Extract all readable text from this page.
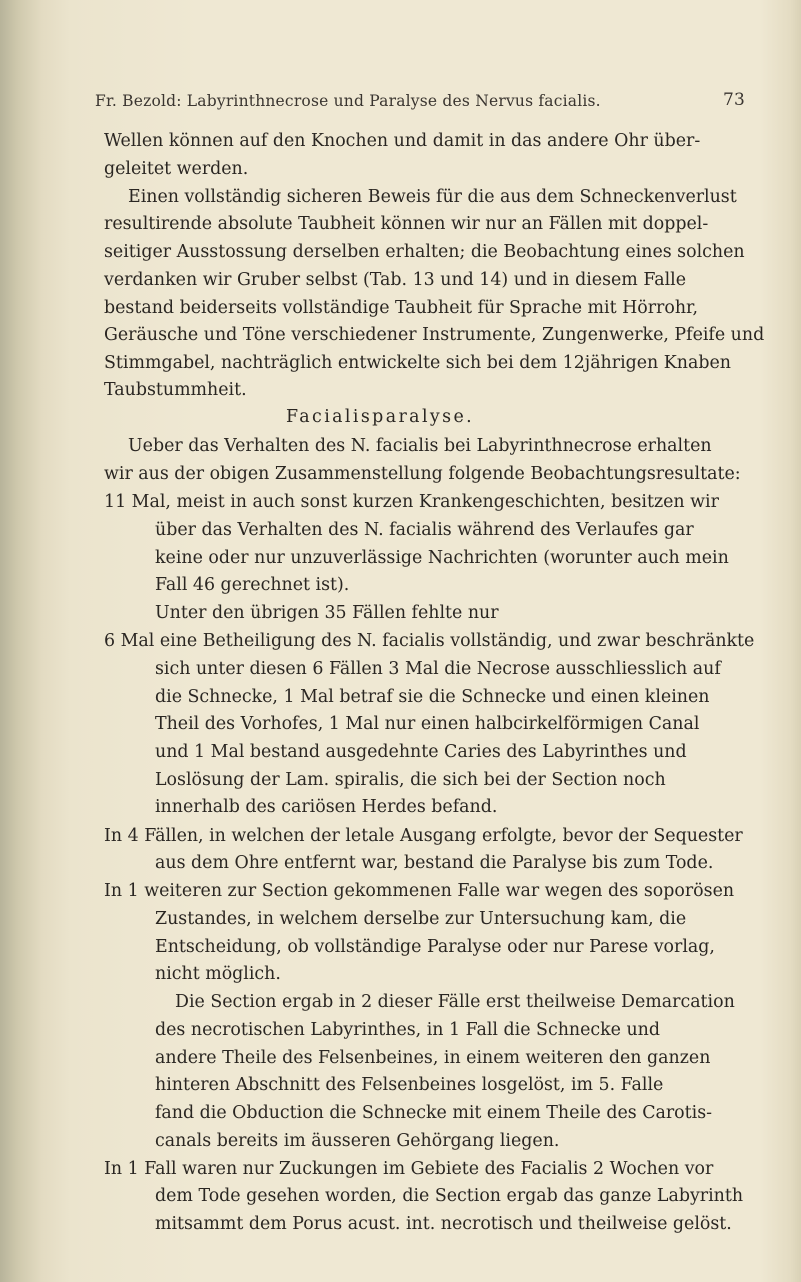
Fr. Bezold: Labyrinthnecrose und Paralyse des Nervus facialis.	73
Wellen können auf den Knochen und damit in das andere Ohr über-
geleitet werden.
Einen vollständig sicheren Beweis für die aus dem Schneckenverlust
resultirende absolute Taubheit können wir nur an Fällen mit doppel-
seitiger Ausstossung derselben erhalten; die Beobachtung eines solchen
verdanken wir Gruber selbst (Tab. 13 und 14) und in diesem Falle
bestand beiderseits vollständige Taubheit für Sprache mit Hörrohr,
Geräusche und Töne verschiedener Instrumente, Zungenwerke, Pfeife und
Stimmgabel, nachträglich entwickelte sich bei dem 12jährigen Knaben
Taubstummheit.
Facialisparalyse.
Ueber das Verhalten des N. facialis bei Labyrinthnecrose erhalten
wir aus der obigen Zusammenstellung folgende Beobachtungsresultate:
11 Mal, meist in auch sonst kurzen Krankengeschichten, besitzen wir
über das Verhalten des N. facialis während des Verlaufes gar
keine oder nur unzuverlässige Nachrichten (worunter auch mein
Fall 46 gerechnet ist).
Unter den übrigen 35 Fällen fehlte nur
6 Mal eine Betheiligung des N. facialis vollständig, und zwar beschränkte
sich unter diesen 6 Fällen 3 Mal die Necrose ausschliesslich auf
die Schnecke, 1 Mal betraf sie die Schnecke und einen kleinen
Theil des Vorhofes, 1 Mal nur einen halbcirkelförmigen Canal
und 1 Mal bestand ausgedehnte Caries des Labyrinthes und
Loslösung der Lam. spiralis, die sich bei der Section noch
innerhalb des cariösen Herdes befand.
In 4 Fällen, in welchen der letale Ausgang erfolgte, bevor der Sequester
aus dem Ohre entfernt war, bestand die Paralyse bis zum Tode.
In 1 weiteren zur Section gekommenen Falle war wegen des soporösen
Zustandes, in welchem derselbe zur Untersuchung kam, die
Entscheidung, ob vollständige Paralyse oder nur Parese vorlag,
nicht möglich.
Die Section ergab in 2 dieser Fälle erst theilweise Demarcation
des necrotischen Labyrinthes, in 1 Fall die Schnecke und
andere Theile des Felsenbeines, in einem weiteren den ganzen
hinteren Abschnitt des Felsenbeines losgelöst, im 5. Falle
fand die Obduction die Schnecke mit einem Theile des Carotis-
canals bereits im äusseren Gehörgang liegen.
In 1 Fall waren nur Zuckungen im Gebiete des Facialis 2 Wochen vor
dem Tode gesehen worden, die Section ergab das ganze Labyrinth
mitsammt dem Porus acust. int. necrotisch und theilweise gelöst.
